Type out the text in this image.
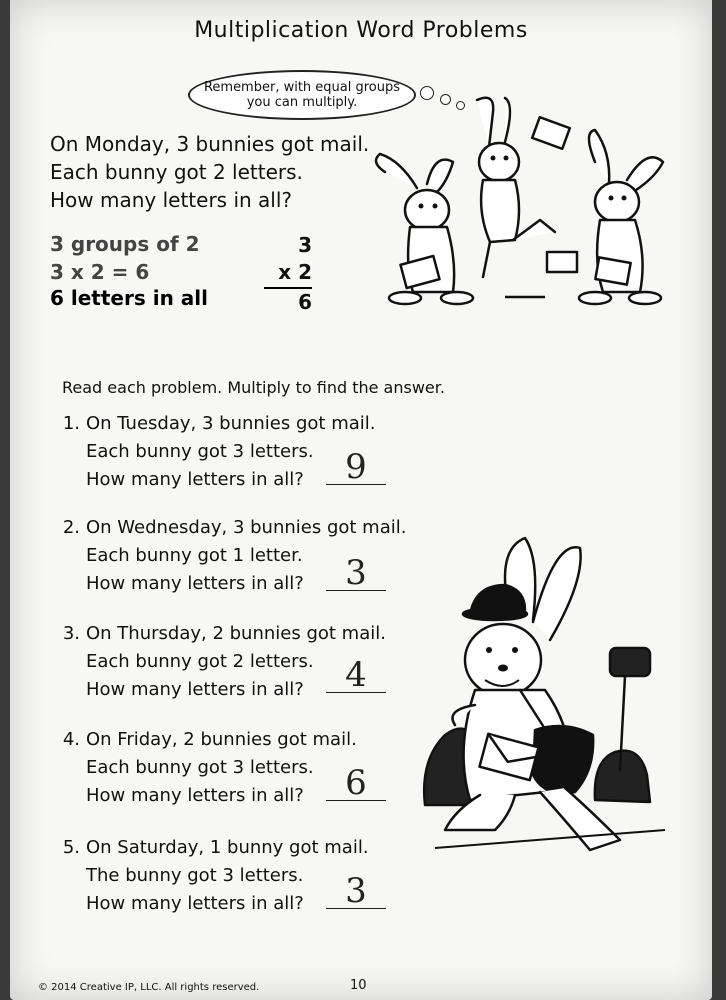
Multiplication Word Problems
Remember, with equal groups
you can multiply.
On Monday, 3 bunnies got mail.
Each bunny got 2 letters.
How many letters in all?
3 groups of 2
3 x 2 = 6
6 letters in all
3
x 2
6
Read each problem. Multiply to find the answer.
1. On Tuesday, 3 bunnies got mail.
Each bunny got 3 letters.
How many letters in all?	9
2. On Wednesday, 3 bunnies got mail.
Each bunny got 1 letter.
How many letters in all?	3
3. On Thursday, 2 bunnies got mail.
Each bunny got 2 letters.
How many letters in all?	4
4. On Friday, 2 bunnies got mail.
Each bunny got 3 letters.
How many letters in all?	6
5. On Saturday, 1 bunny got mail.
The bunny got 3 letters.
How many letters in all?	3
© 2014 Creative IP, LLC. All rights reserved.	10
